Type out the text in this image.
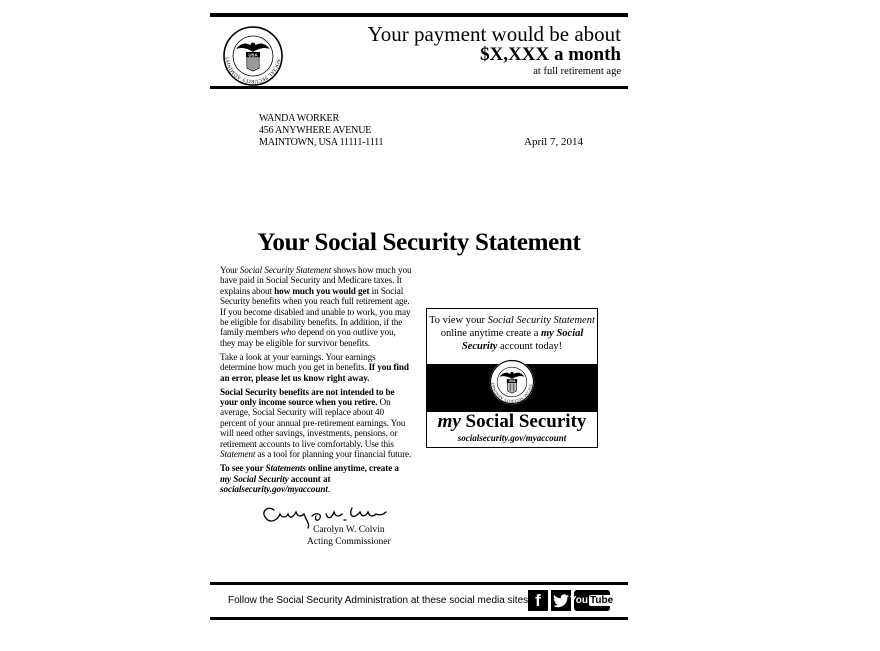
SOCIAL SECURITY ADMINIST
USA
Your payment would be about
$X,XXX a month
at full retirement age
WANDA WORKER
456 ANYWHERE AVENUE
MAINTOWN, USA 11111-1111	April 7, 2014
Your Social Security Statement

Your Social Security Statement shows how much you have paid in Social Security and Medicare taxes. It explains about how much you would get in Social Security benefits when you reach full retirement age. If you become disabled and unable to work, you may be eligible for disability benefits. In addition, if the family members who depend on you outlive you, they may be eligible for survivor benefits.

Take a look at your earnings. Your earnings determine how much you get in benefits. If you find an error, please let us know right away.

Social Security benefits are not intended to be your only income source when you retire. On average, Social Security will replace about 40 percent of your annual pre-retirement earnings. You will need other savings, investments, pensions, or retirement accounts to live comfortably. Use this Statement as a tool for planning your financial future.

To see your Statements online anytime, create a my Social Security account at socialsecurity.gov/myaccount.

Carolyn W. Colvin
Acting Commissioner
To view your Social Security Statement online anytime create a my Social Security account today!
SOCIAL SECURITY ADMINIST
USA
my Social Security
socialsecurity.gov/myaccount
Follow the Social Security Administration at these social media sites f	You Tube
